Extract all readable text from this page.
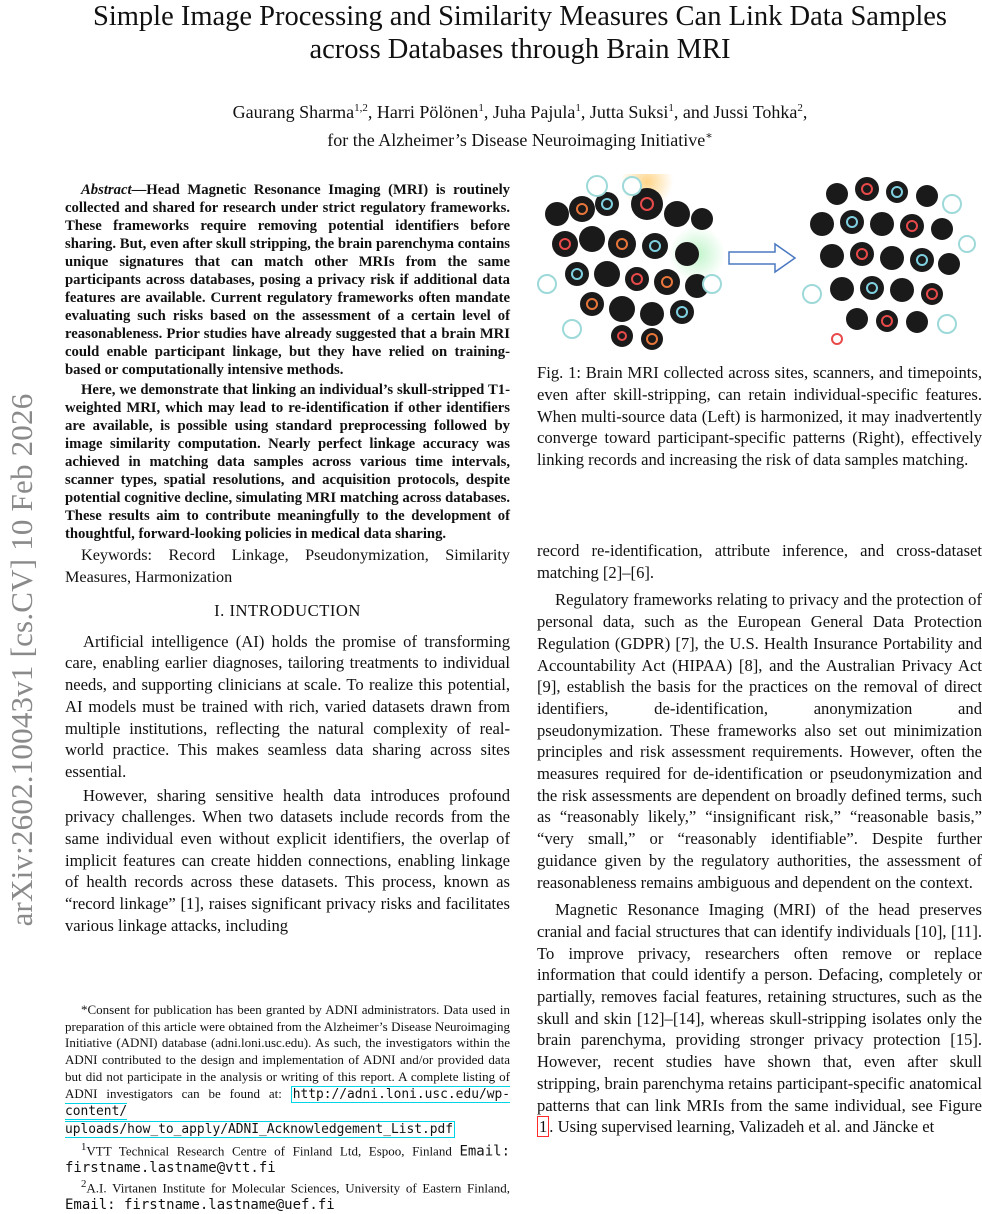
arXiv:2602.10043v1 [cs.CV] 10 Feb 2026
Simple Image Processing and Similarity Measures Can Link Data Samples across Databases through Brain MRI
Gaurang Sharma$^{1,2}$, Harri Pölönen$^1$, Juha Pajula$^1$, Jutta Suksi$^1$, and Jussi Tohka$^2$,
for the Alzheimer’s Disease Neuroimaging Initiative∗

Abstract—Head Magnetic Resonance Imaging (MRI) is routinely collected and shared for research under strict regulatory frameworks. These frameworks require removing potential identifiers before sharing. But, even after skull stripping, the brain parenchyma contains unique signatures that can match other MRIs from the same participants across databases, posing a privacy risk if additional data features are available. Current regulatory frameworks often mandate evaluating such risks based on the assessment of a certain level of reasonableness. Prior studies have already suggested that a brain MRI could enable participant linkage, but they have relied on training-based or computationally intensive methods.

Here, we demonstrate that linking an individual’s skull-stripped T1-weighted MRI, which may lead to re-identification if other identifiers are available, is possible using standard preprocessing followed by image similarity computation. Nearly perfect linkage accuracy was achieved in matching data samples across various time intervals, scanner types, spatial resolutions, and acquisition protocols, despite potential cognitive decline, simulating MRI matching across databases. These results aim to contribute meaningfully to the development of thoughtful, forward-looking policies in medical data sharing.

Keywords: Record Linkage, Pseudonymization, Similarity Measures, Harmonization

I. INTRODUCTION

Artificial intelligence (AI) holds the promise of transforming care, enabling earlier diagnoses, tailoring treatments to individual needs, and supporting clinicians at scale. To realize this potential, AI models must be trained with rich, varied datasets drawn from multiple institutions, reflecting the natural complexity of real-world practice. This makes seamless data sharing across sites essential.

However, sharing sensitive health data introduces profound privacy challenges. When two datasets include records from the same individual even without explicit identifiers, the overlap of implicit features can create hidden connections, enabling linkage of health records across these datasets. This process, known as “record linkage” [1], raises significant privacy risks and facilitates various linkage attacks, including

*Consent for publication has been granted by ADNI administrators. Data used in preparation of this article were obtained from the Alzheimer’s Disease Neuroimaging Initiative (ADNI) database (adni.loni.usc.edu). As such, the investigators within the ADNI contributed to the design and implementation of ADNI and/or provided data but did not participate in the analysis or writing of this report. A complete listing of ADNI investigators can be found at: http://adni.loni.usc.edu/wp-content/ uploads/how_to_apply/ADNI_Acknowledgement_List.pdf

$^1$VTT Technical Research Centre of Finland Ltd, Espoo, Finland Email: firstname.lastname@vtt.fi

$^2$A.I. Virtanen Institute for Molecular Sciences, University of Eastern Finland, Email: firstname.lastname@uef.fi

Fig. 1: Brain MRI collected across sites, scanners, and timepoints, even after skill-stripping, can retain individual-specific features. When multi-source data (Left) is harmonized, it may inadvertently converge toward participant-specific patterns (Right), effectively linking records and increasing the risk of data samples matching.

record re-identification, attribute inference, and cross-dataset matching [2]–[6].

Regulatory frameworks relating to privacy and the protection of personal data, such as the European General Data Protection Regulation (GDPR) [7], the U.S. Health Insurance Portability and Accountability Act (HIPAA) [8], and the Australian Privacy Act [9], establish the basis for the practices on the removal of direct identifiers, de-identification, anonymization and pseudonymization. These frameworks also set out minimization principles and risk assessment requirements. However, often the measures required for de-identification or pseudonymization and the risk assessments are dependent on broadly defined terms, such as “reasonably likely,” “insignificant risk,” “reasonable basis,” “very small,” or “reasonably identifiable”. Despite further guidance given by the regulatory authorities, the assessment of reasonableness remains ambiguous and dependent on the context.

Magnetic Resonance Imaging (MRI) of the head preserves cranial and facial structures that can identify individuals [10], [11]. To improve privacy, researchers often remove or replace information that could identify a person. Defacing, completely or partially, removes facial features, retaining structures, such as the skull and skin [12]–[14], whereas skull-stripping isolates only the brain parenchyma, providing stronger privacy protection [15]. However, recent studies have shown that, even after skull stripping, brain parenchyma retains participant-specific anatomical patterns that can link MRIs from the same individual, see Figure 1 . Using supervised learning, Valizadeh et al. and Jäncke et
